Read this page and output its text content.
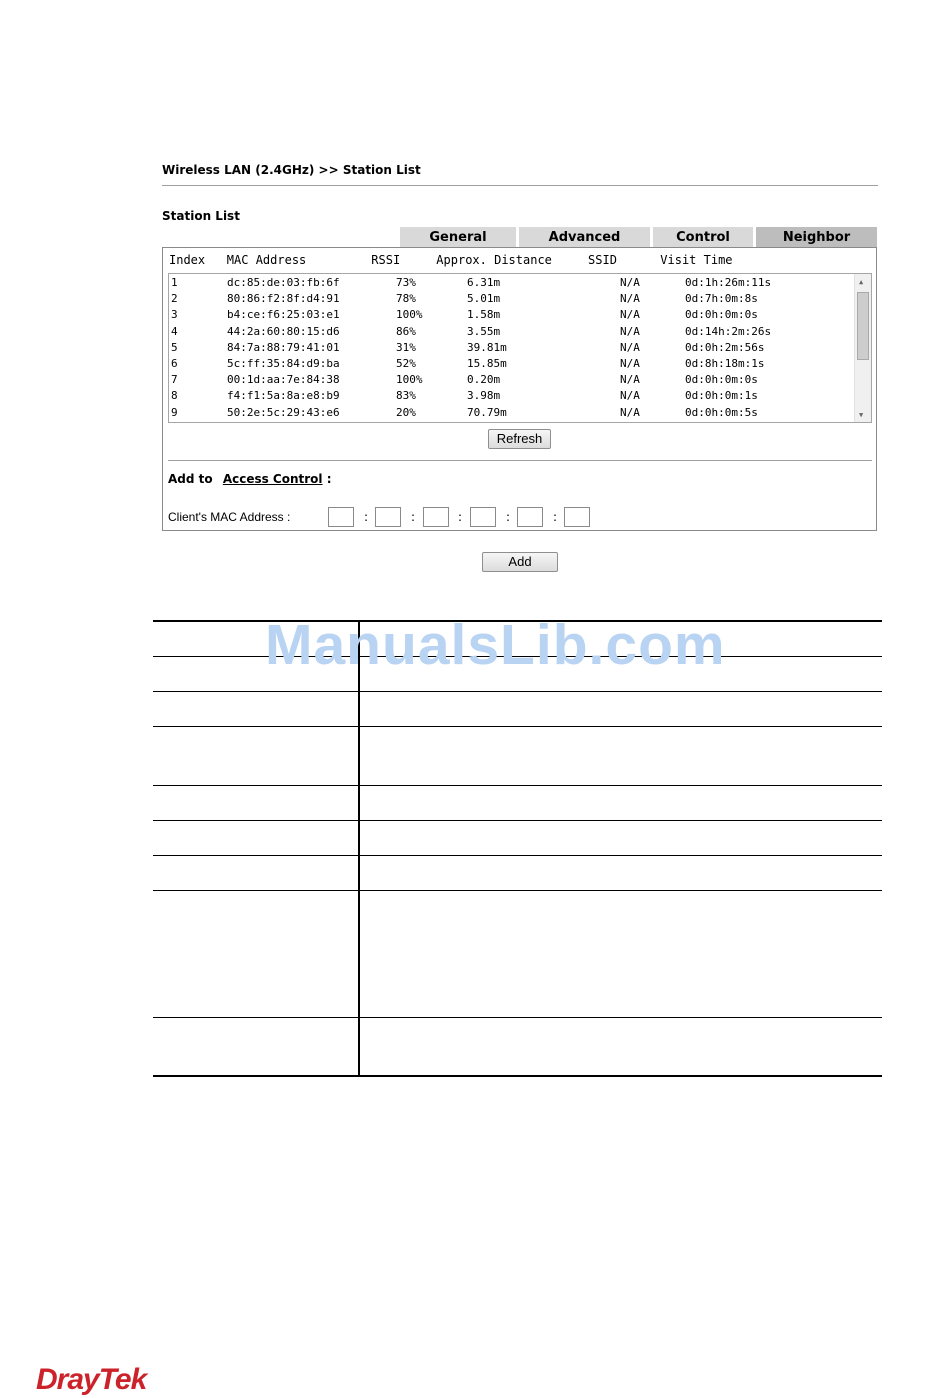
Wireless LAN (2.4GHz) >> Station List
Station List
General	Advanced	Control	Neighbor
Index   MAC Address         RSSI     Approx. Distance     SSID      Visit Time
1	dc:85:de:03:fb:6f	73%	6.31m	N/A	0d:1h:26m:11s
2	80:86:f2:8f:d4:91	78%	5.01m	N/A	0d:7h:0m:8s
3	b4:ce:f6:25:03:e1	100%	1.58m	N/A	0d:0h:0m:0s
4	44:2a:60:80:15:d6	86%	3.55m	N/A	0d:14h:2m:26s
5	84:7a:88:79:41:01	31%	39.81m	N/A	0d:0h:2m:56s
6	5c:ff:35:84:d9:ba	52%	15.85m	N/A	0d:8h:18m:1s
7	00:1d:aa:7e:84:38	100%	0.20m	N/A	0d:0h:0m:0s
8	f4:f1:5a:8a:e8:b9	83%	3.98m	N/A	0d:0h:0m:1s
9	50:2e:5c:29:43:e6	20%	70.79m	N/A	0d:0h:0m:5s
▲
▼
Refresh
Add to Access Control :
Client's MAC Address :	:	:	:	:	:
Add
ManualsLib.com
DrayTek
